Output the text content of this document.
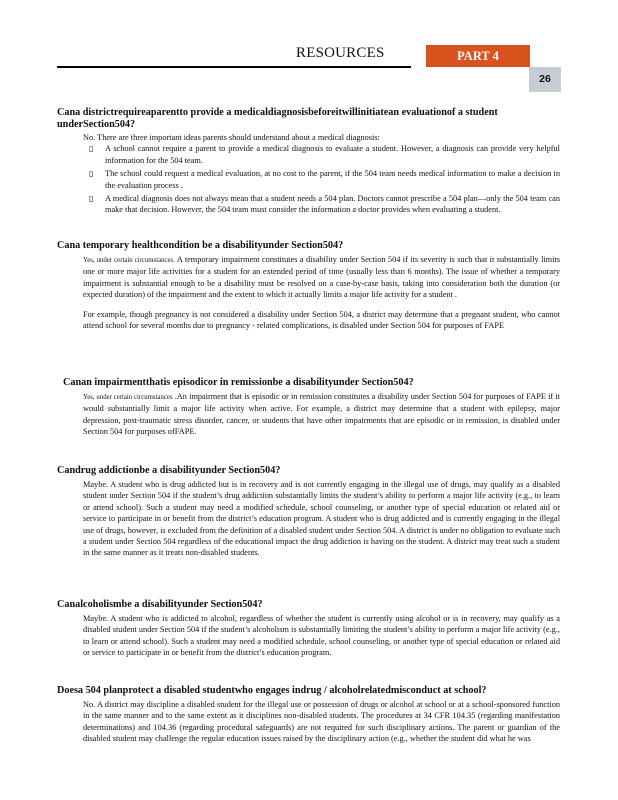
RESOURCES	PART 4
26
Cana districtrequireaparentto provide a medicaldiagnosisbeforeitwillinitiatean evaluationof a student underSection504?

No. There are three important ideas parents should understand about a medical diagnosis:

▯ A school cannot require a parent to provide a medical diagnosis to evaluate a student. However, a diagnosis can provide very helpful information for the 504 team.
▯ The school could request a medical evaluation, at no cost to the parent, if the 504 team needs medical information to make a decision in the evaluation process .
▯ A medical diagnosis does not always mean that a student needs a 504 plan. Doctors cannot prescribe a 504 plan—only the 504 team can make that decision. However, the 504 team must consider the information a doctor provides when evaluating a student.
Cana temporary healthcondition be a disabilityunder Section504?

Yes, under certain circumstances. A temporary impairment constitutes a disability under Section 504 if its severity is such that it substantially limits one or more major life activities for a student for an extended period of time (usually less than 6 months). The issue of whether a temporary impairment is substantial enough to be a disability must be resolved on a case-by-case basis, taking into consideration both the duration (or expected duration) of the impairment and the extent to which it actually limits a major life activity for a student .

For example, though pregnancy is not considered a disability under Section 504, a district may determine that a pregnant student, who cannot attend school for several months due to pregnancy - related complications, is disabled under Section 504 for purposes of FAPE

Canan impairmentthatis episodicor in remissionbe a disabilityunder Section504?

Yes, under certain circumstances .An impairment that is episodic or in remission constitutes a disability under Section 504 for purposes of FAPE if it would substantially limit a major life activity when active. For example, a district may determine that a student with epilepsy, major depression, post-traumatic stress disorder, cancer, or students that have other impairments that are episodic or in remission, is disabled under Section 504 for purposes ofFAPE.

Candrug addictionbe a disabilityunder Section504?

Maybe. A student who is drug addicted but is in recovery and is not currently engaging in the illegal use of drugs, may qualify as a disabled student under Section 504 if the student’s drug addiction substantially limits the student’s ability to perform a major life activity (e.g., to learn or attend school). Such a student may need a modified schedule, school counseling, or another type of special education or related aid or service to participate in or benefit from the district’s education program. A student who is drug addicted and is currently engaging in the illegal use of drugs, however, is excluded from the definition of a disabled student under Section 504. A district is under no obligation to evaluate such a student under Section 504 regardless of the educational impact the drug addiction is having on the student. A district may treat such a student in the same manner as it treats non-disabled students.

Canalcoholismbe a disabilityunder Section504?

Maybe. A student who is addicted to alcohol, regardless of whether the student is currently using alcohol or is in recovery, may qualify as a disabled student under Section 504 if the student’s alcoholism is substantially limiting the student’s ability to perform a major life activity (e.g., to learn or attend school). Such a student may need a modified schedule, school counseling, or another type of special education or related aid or service to participate in or benefit from the district’s education program.

Doesa 504 planprotect a disabled studentwho engages indrug / alcoholrelatedmisconduct at school?

No. A district may discipline a disabled student for the illegal use or possession of drugs or alcohol at school or at a school-sponsored function in the same manner and to the same extent as it disciplines non-disabled students. The procedures at 34 CFR 104.35 (regarding manifestation determinations) and 104.36 (regarding procedural safeguards) are not required for such disciplinary actions. The parent or guardian of the disabled student may challenge the regular education issues raised by the disciplinary action (e.g., whether the student did what he was
